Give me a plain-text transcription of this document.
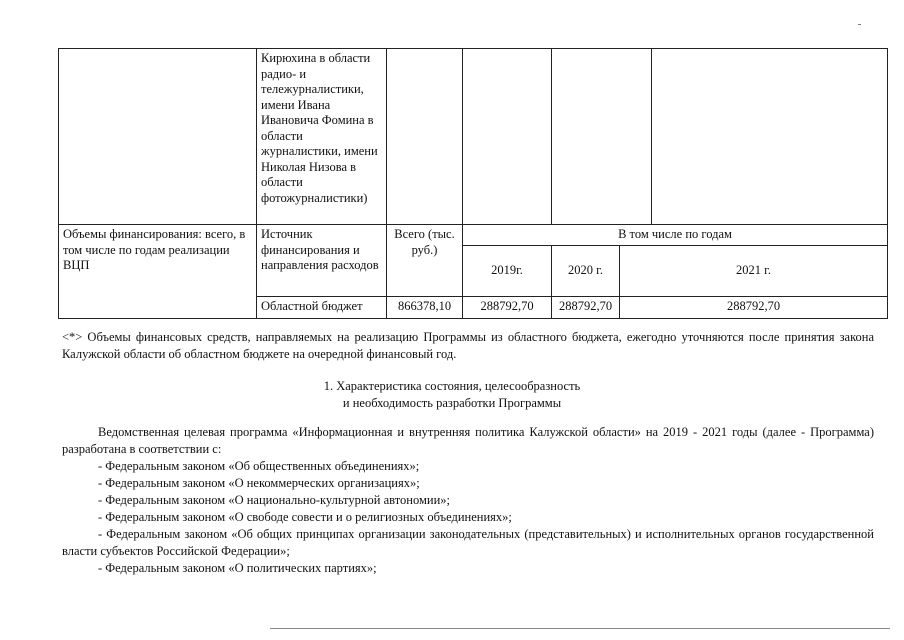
	Кирюхина в области радио- и тележурналистики, имени Ивана Ивановича Фомина в области журналистики, имени Николая Низова в области фотожурналистики)					
Объемы финансирования: всего, в том числе по годам реализации ВЦП	Источник финансирования и направления расходов	Всего (тыс. руб.)	В том числе по годам			
			2019г.	2020 г.	2021 г.	
	Областной бюджет	866378,10	288792,70	288792,70	288792,70	
<*> Объемы финансовых средств, направляемых на реализацию Программы из областного бюджета, ежегодно уточняются после принятия закона Калужской области об областном бюджете на очередной финансовый год.
1. Характеристика состояния, целесообразность
и необходимость разработки Программы

Ведомственная целевая программа «Информационная и внутренняя политика Калужской области» на 2019 - 2021 годы (далее - Программа) разработана в соответствии с:

- Федеральным законом «Об общественных объединениях»;

- Федеральным законом «О некоммерческих организациях»;

- Федеральным законом «О национально-культурной автономии»;

- Федеральным законом «О свободе совести и о религиозных объединениях»;

- Федеральным законом «Об общих принципах организации законодательных (представительных) и исполнительных органов государственной власти субъектов Российской Федерации»;

- Федеральным законом «О политических партиях»;
